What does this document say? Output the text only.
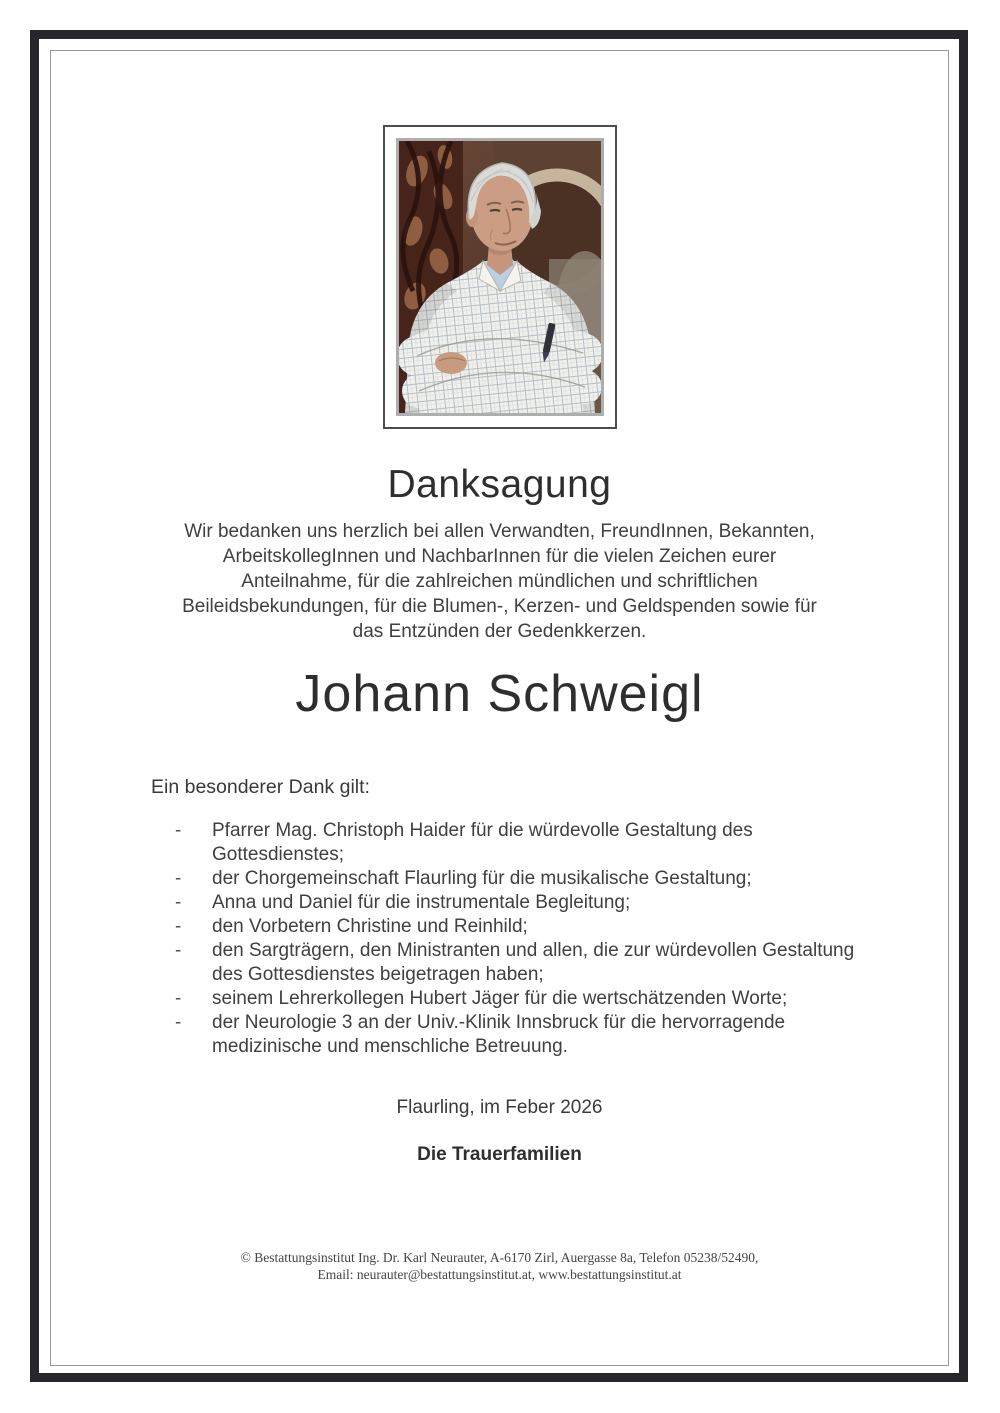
Danksagung
Wir bedanken uns herzlich bei allen Verwandten, FreundInnen, Bekannten, ArbeitskollegInnen und NachbarInnen für die vielen Zeichen eurer Anteilnahme, für die zahlreichen mündlichen und schriftlichen Beileidsbekundungen, für die Blumen-, Kerzen- und Geldspenden sowie für das Entzünden der Gedenkkerzen.
Johann Schweigl
Ein besonderer Dank gilt:
-	Pfarrer Mag. Christoph Haider für die würdevolle Gestaltung des Gottesdienstes;
-	der Chorgemeinschaft Flaurling für die musikalische Gestaltung;
-	Anna und Daniel für die instrumentale Begleitung;
-	den Vorbetern Christine und Reinhild;
-	den Sargträgern, den Ministranten und allen, die zur würdevollen Gestaltung des Gottesdienstes beigetragen haben;
-	seinem Lehrerkollegen Hubert Jäger für die wertschätzenden Worte;
-	der Neurologie 3 an der Univ.-Klinik Innsbruck für die hervorragende medizinische und menschliche Betreuung.
Flaurling, im Feber 2026
Die Trauerfamilien
© Bestattungsinstitut Ing. Dr. Karl Neurauter, A-6170 Zirl, Auergasse 8a, Telefon 05238/52490,
Email: neurauter@bestattungsinstitut.at, www.bestattungsinstitut.at
